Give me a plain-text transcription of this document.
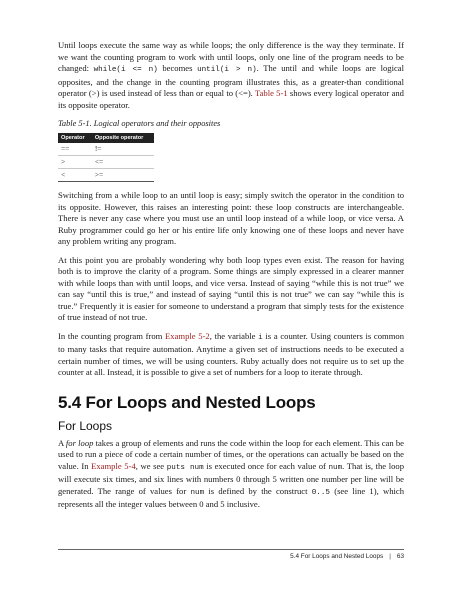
Until loops execute the same way as while loops; the only difference is the way they terminate. If we want the counting program to work with until loops, only one line of the program needs to be changed: while(i <= n) becomes until(i > n). The until and while loops are logical opposites, and the change in the counting program illustrates this, as a greater-than conditional operator (>) is used instead of less than or equal to (<=). Table 5-1 shows every logical operator and its opposite operator.

Table 5-1. Logical operators and their opposites
Operator	Opposite operator
==	!=
>	<=
<	>=

Switching from a while loop to an until loop is easy; simply switch the operator in the condition to its opposite. However, this raises an interesting point: these loop constructs are interchangeable. There is never any case where you must use an until loop instead of a while loop, or vice versa. A Ruby programmer could go her or his entire life only knowing one of these loops and never have any problem writing any program.

At this point you are probably wondering why both loop types even exist. The reason for having both is to improve the clarity of a program. Some things are simply expressed in a clearer manner with while loops than with until loops, and vice versa. Instead of saying “while this is not true” we can say “until this is true,” and instead of saying “until this is not true” we can say “while this is true.” Frequently it is easier for someone to understand a program that simply tests for the existence of true instead of not true.

In the counting program from Example 5-2, the variable i is a counter. Using counters is common to many tasks that require automation. Anytime a given set of instructions needs to be executed a certain number of times, we will be using counters. Ruby actually does not require us to set up the counter at all. Instead, it is possible to give a set of numbers for a loop to iterate through.

5.4 For Loops and Nested Loops
For Loops

A for loop takes a group of elements and runs the code within the loop for each element. This can be used to run a piece of code a certain number of times, or the operations can actually be based on the value. In Example 5-4, we see puts num is executed once for each value of num. That is, the loop will execute six times, and six lines with numbers 0 through 5 written one number per line will be generated. The range of values for num is defined by the construct 0..5 (see line 1), which represents all the integer values between 0 and 5 inclusive.

5.4 For Loops and Nested Loops | 63
